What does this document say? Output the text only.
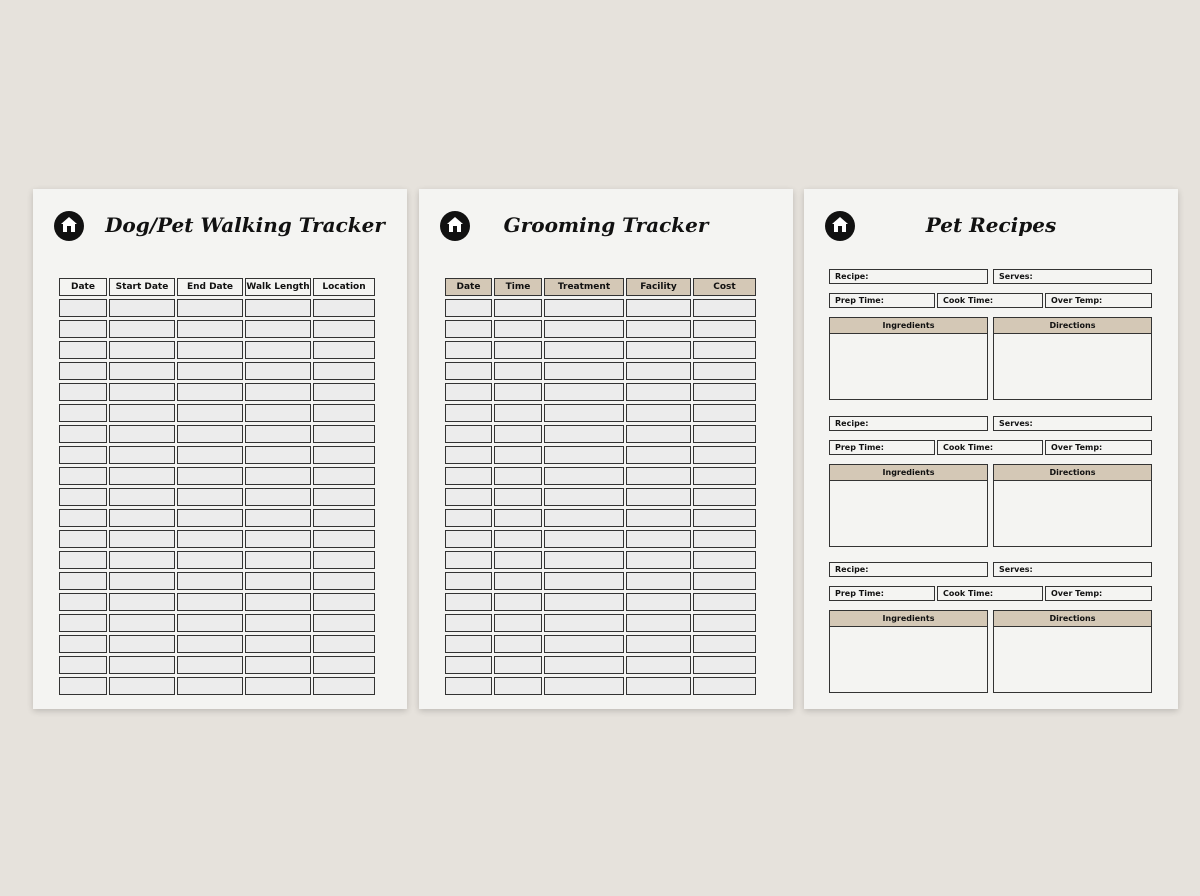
Dog/Pet Walking Tracker
Date	Start Date	End Date	Walk Length	Location

Grooming Tracker
Date	Time	Treatment	Facility	Cost

Pet Recipes
Recipe:	Serves:
Prep Time:	Cook Time:	Over Temp:
Ingredients	Directions
Recipe:	Serves:
Prep Time:	Cook Time:	Over Temp:
Ingredients	Directions
Recipe:	Serves:
Prep Time:	Cook Time:	Over Temp:
Ingredients	Directions
